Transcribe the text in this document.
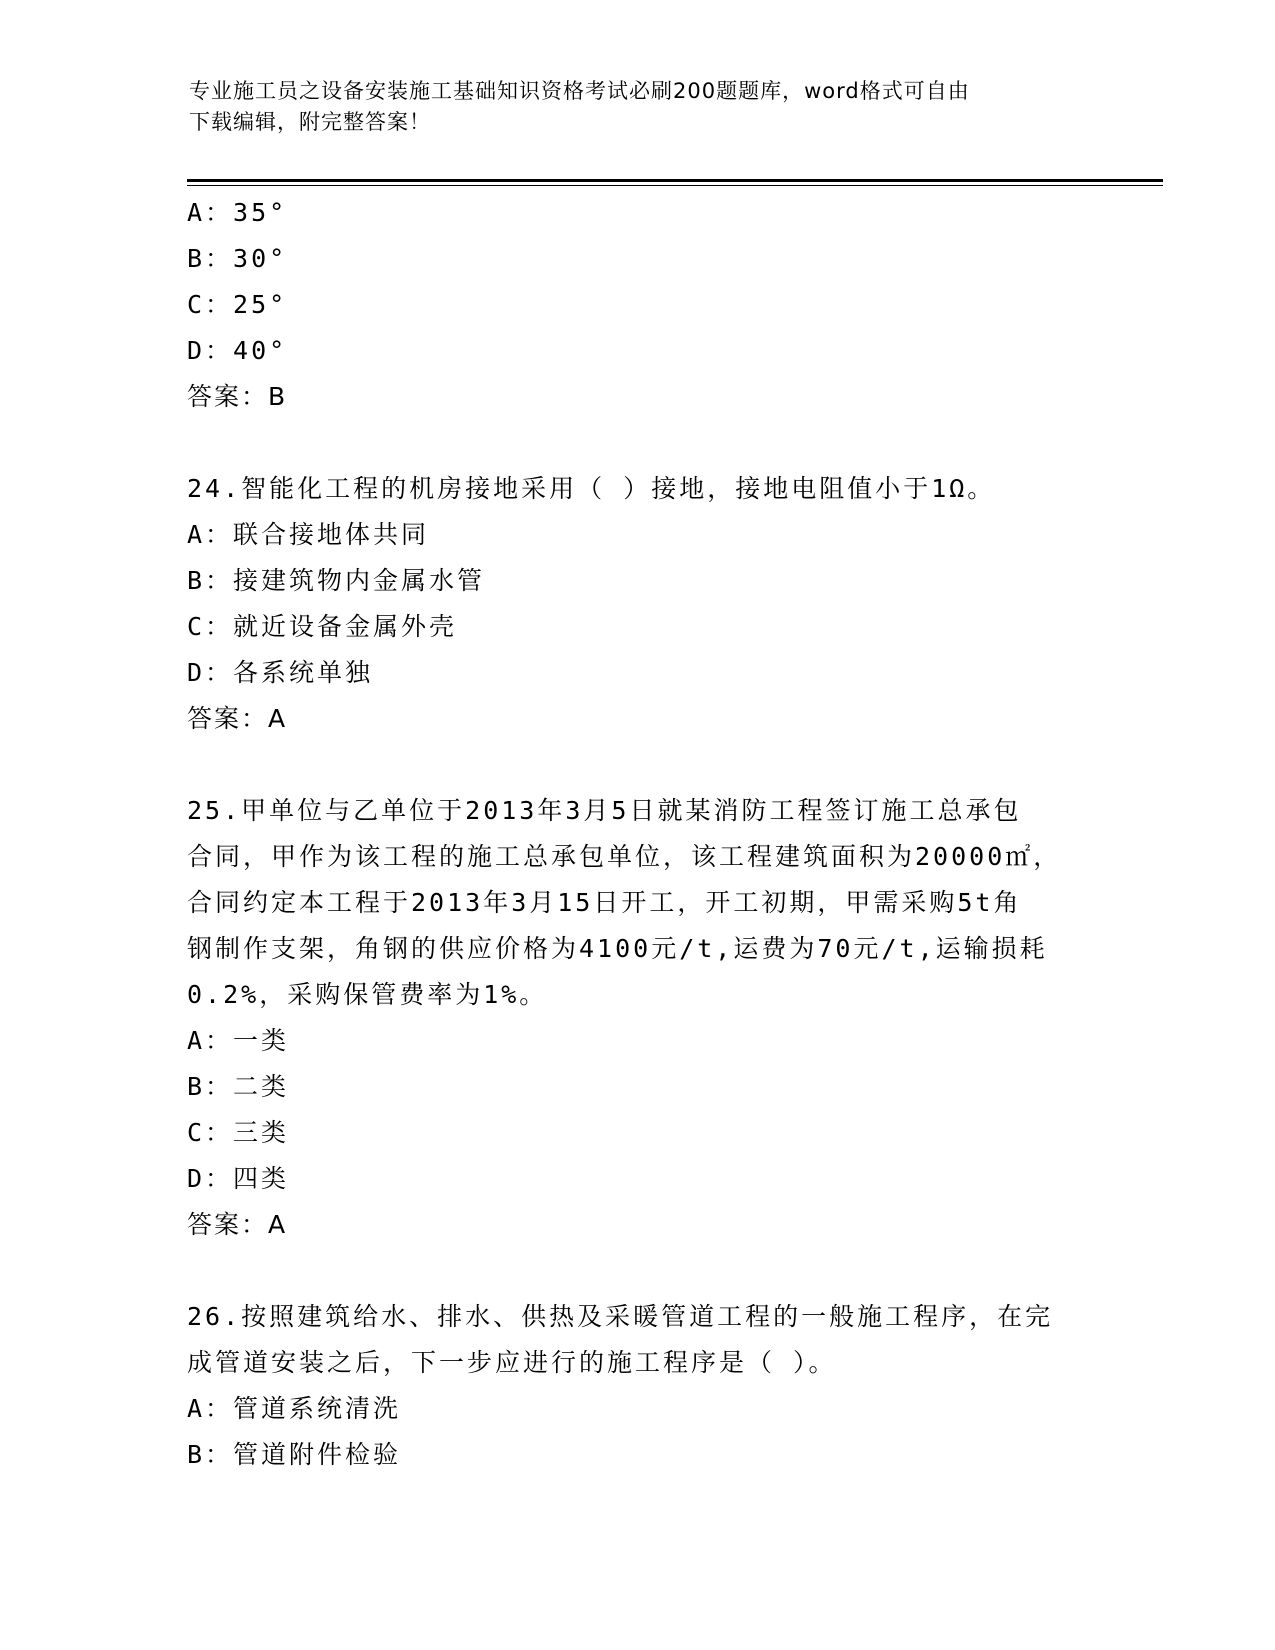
专业施工员之设备安装施工基础知识资格考试必刷200题题库，word格式可自由
下载编辑，附完整答案！
A：35°
B：30°
C：25°
D：40°
答案：B
24.智能化工程的机房接地采用（ ）接地，接地电阻值小于1Ω。
A：联合接地体共同
B：接建筑物内金属水管
C：就近设备金属外壳
D：各系统单独
答案：A
25.甲单位与乙单位于2013年3月5日就某消防工程签订施工总承包
合同，甲作为该工程的施工总承包单位，该工程建筑面积为20000㎡，
合同约定本工程于2013年3月15日开工，开工初期，甲需采购5t角
钢制作支架，角钢的供应价格为4100元/t,运费为70元/t,运输损耗
0.2%，采购保管费率为1%。
A：一类
B：二类
C：三类
D：四类
答案：A
26.按照建筑给水、排水、供热及采暖管道工程的一般施工程序，在完
成管道安装之后，下一步应进行的施工程序是（ ）。
A：管道系统清洗
B：管道附件检验
